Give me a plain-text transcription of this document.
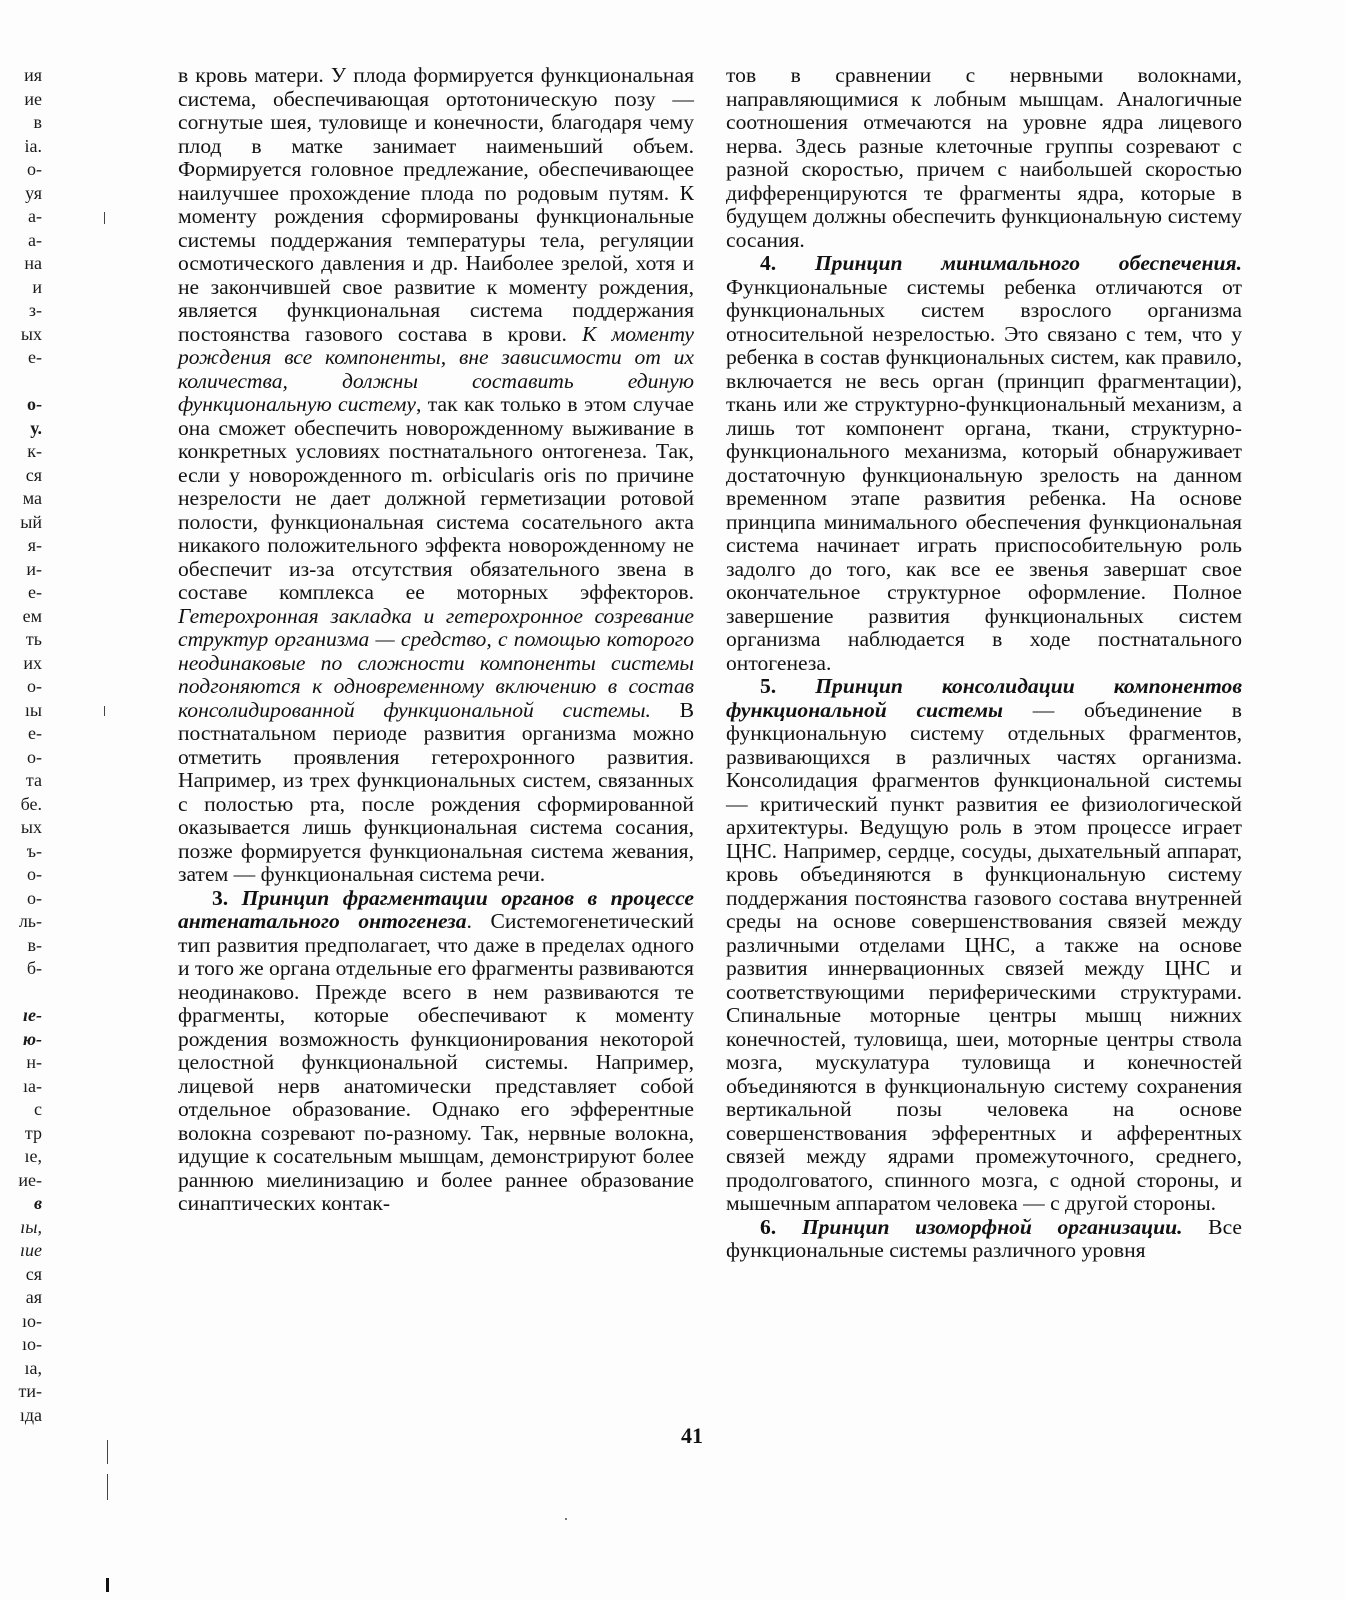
ия
ие
в
ia.
о-
уя
а-
а-
на
и
з-
ых
е-
о-
у.
к-
ся
ма
ый
я-
и-
е-
ем
ть
их
о-
ıы
е-
о-
та
бе.
ых
ъ-
о-
о-
ль-
в-
б-
ıе-
ю-
н-
ıа-
с
тр
ıе,
ие-
в
ıы,
ıие
ся
ая
ıо-
ıо-
ıа,
ти-
ıда

в кровь матери. У плода формируется функциональная система, обеспечивающая ортотоническую позу — согнутые шея, туловище и конечности, благодаря чему плод в матке занимает наименьший объем. Формируется головное предлежание, обеспечивающее наилучшее прохождение плода по родовым путям. К моменту рождения сформированы функциональные системы поддержания температуры тела, регуляции осмотического давления и др. Наиболее зрелой, хотя и не закончившей свое развитие к моменту рождения, является функциональная система поддержания постоянства газового состава в крови. К моменту рождения все компоненты, вне зависимости от их количества, должны составить единую функциональную систему, так как только в этом случае она сможет обеспечить новорожденному выживание в конкретных условиях постнатального онтогенеза. Так, если у новорожденного m. orbicularis oris по причине незрелости не дает должной герметизации ротовой полости, функциональная система сосательного акта никакого положительного эффекта новорожденному не обеспечит из-за отсутствия обязательного звена в составе комплекса ее моторных эффекторов. Гетерохронная закладка и гетерохронное созревание структур организма — средство, с помощью которого неодинаковые по сложности компоненты системы подгоняются к одновременному включению в состав консолидированной функциональной системы. В постнатальном периоде развития организма можно отметить проявления гетерохронного развития. Например, из трех функциональных систем, связанных с полостью рта, после рождения сформированной оказывается лишь функциональная система сосания, позже формируется функциональная система жевания, затем — функциональная система речи.

3. Принцип фрагментации органов в процессе антенатального онтогенеза. Системогенетический тип развития предполагает, что даже в пределах одного и того же органа отдельные его фрагменты развиваются неодинаково. Прежде всего в нем развиваются те фрагменты, которые обеспечивают к моменту рождения возможность функционирования некоторой целостной функциональной системы. Например, лицевой нерв анатомически представляет собой отдельное образование. Однако его эфферентные волокна созревают по-разному. Так, нервные волокна, идущие к сосательным мышцам, демонстрируют более раннюю миелинизацию и более раннее образование синаптических контак-

тов в сравнении с нервными волокнами, направляющимися к лобным мышцам. Аналогичные соотношения отмечаются на уровне ядра лицевого нерва. Здесь разные клеточные группы созревают с разной скоростью, причем с наибольшей скоростью дифференцируются те фрагменты ядра, которые в будущем должны обеспечить функциональную систему сосания.

4. Принцип минимального обеспечения. Функциональные системы ребенка отличаются от функциональных систем взрослого организма относительной незрелостью. Это связано с тем, что у ребенка в состав функциональных систем, как правило, включается не весь орган (принцип фрагментации), ткань или же структурно-функциональный механизм, а лишь тот компонент органа, ткани, структурно-функционального механизма, который обнаруживает достаточную функциональную зрелость на данном временном этапе развития ребенка. На основе принципа минимального обеспечения функциональная система начинает играть приспособительную роль задолго до того, как все ее звенья завершат свое окончательное структурное оформление. Полное завершение развития функциональных систем организма наблюдается в ходе постнатального онтогенеза.

5. Принцип консолидации компонентов функциональной системы — объединение в функциональную систему отдельных фрагментов, развивающихся в различных частях организма. Консолидация фрагментов функциональной системы — критический пункт развития ее физиологической архитектуры. Ведущую роль в этом процессе играет ЦНС. Например, сердце, сосуды, дыхательный аппарат, кровь объединяются в функциональную систему поддержания постоянства газового состава внутренней среды на основе совершенствования связей между различными отделами ЦНС, а также на основе развития иннервационных связей между ЦНС и соответствующими периферическими структурами. Спинальные моторные центры мышц нижних конечностей, туловища, шеи, моторные центры ствола мозга, мускулатура туловища и конечностей объединяются в функциональную систему сохранения вертикальной позы человека на основе совершенствования эфферентных и афферентных связей между ядрами промежуточного, среднего, продолговатого, спинного мозга, с одной стороны, и мышечным аппаратом человека — с другой стороны.

6. Принцип изоморфной организации. Все функциональные системы различного уровня

41
